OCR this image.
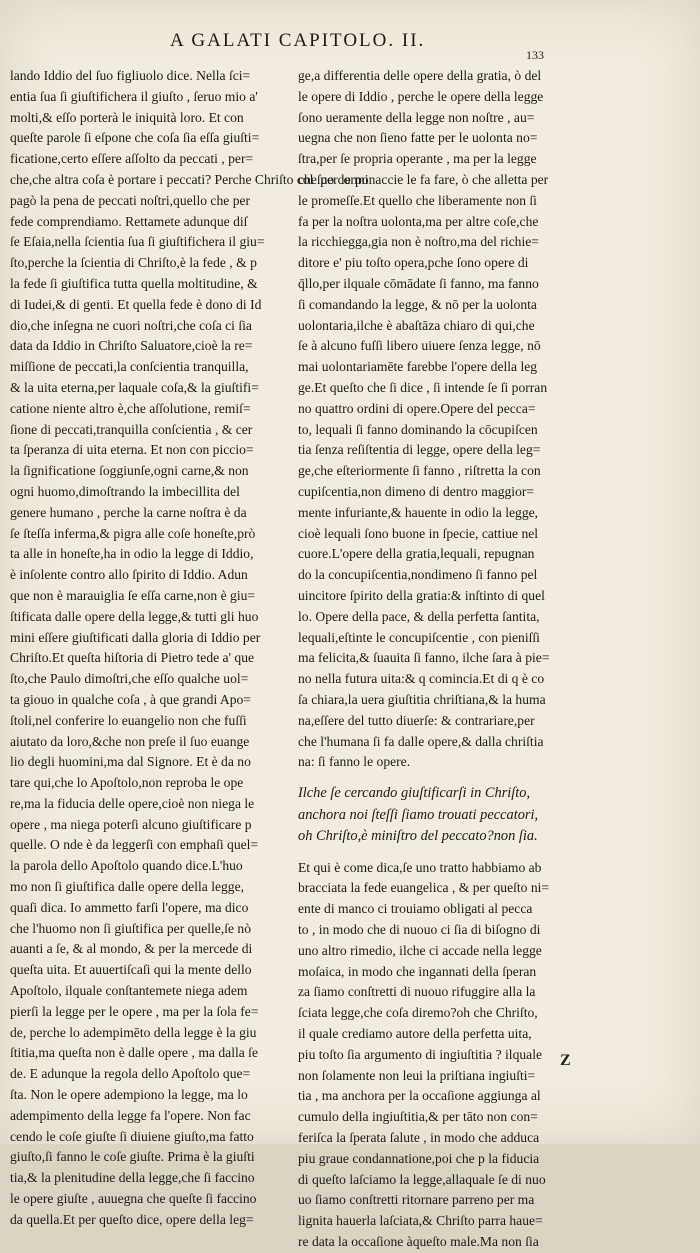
A GALATI CAPITOLO. II.
133
lando Iddio del ſuo figliuolo dice. Nella ſci=
entia ſua ſi giuſtifichera il giuſto , ſeruo mio a'
molti,& eſſo porterà le iniquità loro. Et con
queſte parole ſi eſpone che coſa ſia eſſa giuſti=
ficatione,certo eſſere aſſolto da peccati , per=
che,che altra coſa è portare i peccati? Perche Chriſto col ſuo corpo
pagò la pena de peccati noſtri,quello che per
fede comprendiamo. Rettamete adunque diſ
ſe Eſaia,nella ſcientia ſua ſi giuſtifichera il giu=
ſto,perche la ſcientia di Chriſto,è la fede , & p
la fede ſi giuſtifica tutta quella moltitudine, &
di Iudei,& di genti. Et quella fede è dono di Id
dio,che inſegna ne cuori noſtri,che coſa ci ſia
data da Iddio in Chriſto Saluatore,cioè la re=
miſſione de peccati,la conſcientia tranquilla,
& la uita eterna,per laquale coſa,& la giuſtifi=
catione niente altro è,che aſſolutione, remiſ=
ſione di peccati,tranquilla conſcientia , & cer
ta ſperanza di uita eterna. Et non con piccio=
la ſignificatione ſoggiunſe,ogni carne,& non
ogni huomo,dimoſtrando la imbecillita del
genere humano , perche la carne noſtra è da
ſe ſteſſa inferma,& pigra alle coſe honeſte,prò
ta alle in honeſte,ha in odio la legge di Iddio,
è inſolente contro allo ſpirito di Iddio. Adun
que non è marauiglia ſe eſſa carne,non è giu=
ſtificata dalle opere della legge,& tutti gli huo
mini eſſere giuſtificati dalla gloria di Iddio per
Chriſto.Et queſta hiſtoria di Pietro tede a' que
ſto,che Paulo dimoſtri,che eſſo qualche uol=
ta giouo in qualche coſa , à que grandi Apo=
ſtoli,nel conferire lo euangelio non che fuſſi
aiutato da loro,&che non preſe il ſuo euange
lio degli huomini,ma dal Signore. Et è da no
tare qui,che lo Apoſtolo,non reproba le ope
re,ma la fiducia delle opere,cioè non niega le
opere , ma niega poterſi alcuno giuſtificare p
quelle. O nde è da leggerſi con emphaſi quel=
la parola dello Apoſtolo quando dice.L'huo
mo non ſi giuſtifica dalle opere della legge,
quaſi dica. Io ammetto farſi l'opere, ma dico
che l'huomo non ſi giuſtifica per quelle,ſe nò
auanti a ſe, & al mondo, & per la mercede di
queſta uita. Et auuertiſcaſi qui la mente dello
Apoſtolo, ilquale conſtantemete niega adem
pierſi la legge per le opere , ma per la ſola fe=
de, perche lo adempimēto della legge è la giu
ſtitia,ma queſta non è dalle opere , ma dalla ſe
de. E adunque la regola dello Apoſtolo que=
ſta. Non le opere adempiono la legge, ma lo
adempimento della legge fa l'opere. Non fac
cendo le coſe giuſte ſi diuiene giuſto,ma fatto
giuſto,ſi fanno le coſe giuſte. Prima è la giuſti
tia,& la plenitudine della legge,che ſi faccino
le opere giuſte , auuegna che queſte ſi faccino
da quella.Et per queſto dice, opere della leg=
ge,a differentia delle opere della gratia, ò del
le opere di Iddio , perche le opere della legge
ſono ueramente della legge non noſtre , au=
uegna che non ſieno fatte per le uolonta no=
ſtra,per ſe propria operante , ma per la legge
che per le minaccie le fa fare, ò che alletta per
le promeſſe.Et quello che liberamente non ſi
fa per la noſtra uolonta,ma per altre coſe,che
la ricchiegga,gia non è noſtro,ma del richie=
ditore e' piu toſto opera,pche ſono opere di
q̄llo,per ilquale cōmādate ſi fanno, ma fanno
ſi comandando la legge, & nō per la uolonta
uolontaria,ilche è abaſtāza chiaro di qui,che
ſe à alcuno fuſſi libero uiuere ſenza legge, nō
mai uolontariamēte farebbe l'opere della leg
ge.Et queſto che ſi dice , ſi intende ſe ſi porran
no quattro ordini di opere.Opere del pecca=
to, lequali ſi fanno dominando la cōcupiſcen
tia ſenza reſiſtentia di legge, opere della leg=
ge,che eſteriormente ſi fanno , riſtretta la con
cupiſcentia,non dimeno di dentro maggior=
mente infuriante,& hauente in odio la legge,
cioè lequali ſono buone in ſpecie, cattiue nel
cuore.L'opere della gratia,lequali, repugnan
do la concupiſcentia,nondimeno ſi fanno pel
uincitore ſpirito della gratia:& inſtinto di quel
lo. Opere della pace, & della perfetta ſantita,
lequali,eſtinte le concupiſcentie , con pieniſſi
ma felicita,& ſuauita ſi fanno, ilche ſara à pie=
no nella futura uita:& q comincia.Et di q è co
ſa chiara,la uera giuſtitia chriſtiana,& la huma
na,eſſere del tutto diuerſe: & contrariare,per
che l'humana ſi fa dalle opere,& dalla chriſtia
na: ſi fanno le opere.
Ilche ſe cercando giuſtificarſi in Chriſto,
anchora noi ſteſſi ſiamo trouati peccatori,
oh Chriſto,è miniſtro del peccato?non ſia.
Et qui è come dica,ſe uno tratto habbiamo ab
bracciata la fede euangelica , & per queſto ni=
ente di manco ci trouiamo obligati al pecca
to , in modo che di nuouo ci ſia di biſogno di
uno altro rimedio, ilche ci accade nella legge
moſaica, in modo che ingannati della ſperan
za ſiamo conſtretti di nuouo rifuggire alla la
ſciata legge,che coſa diremo?oh che Chriſto,
il quale crediamo autore della perfetta uita,
piu toſto ſia argumento di ingiuſtitia ? ilquale
non ſolamente non leui la priſtiana ingiuſti=
tia , ma anchora per la occaſione aggiunga al
cumulo della ingiuſtitia,& per tāto non con=
feriſca la ſperata ſalute , in modo che adduca
piu graue condannatione,poi che p la fiducia
di queſto laſciamo la legge,allaquale ſe di nuo
uo ſiamo conſtretti ritornare parreno per ma
lignita hauerla laſciata,& Chriſto parra haue=
re data la occaſione àqueſto male.Ma non ſia
Z
